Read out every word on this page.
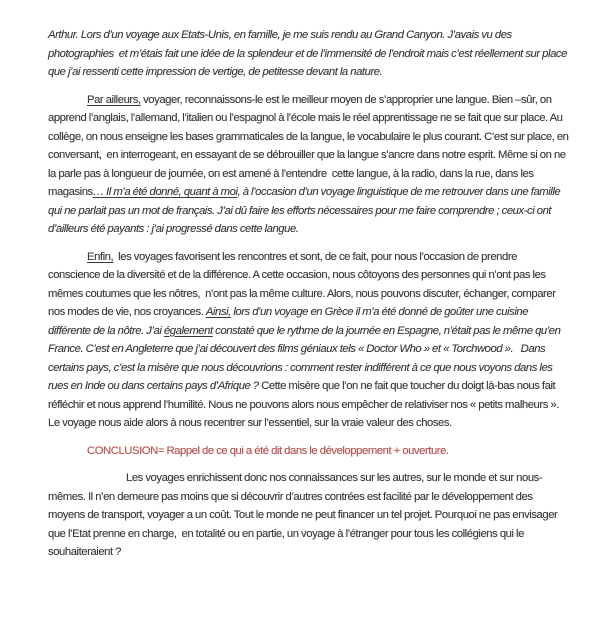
Arthur. Lors d’un voyage aux Etats-Unis, en famille, je me suis rendu au Grand Canyon. J’avais vu des photographies  et m’étais fait une idée de la splendeur et de l’immensité de l’endroit mais c’est réellement sur place que j’ai ressenti cette impression de vertige, de petitesse devant la nature.

Par ailleurs, voyager, reconnaissons-le est le meilleur moyen de s’approprier une langue. Bien –sûr, on apprend l’anglais, l’allemand, l’italien ou l’espagnol à l’école mais le réel apprentissage ne se fait que sur place. Au collège, on nous enseigne les bases grammaticales de la langue, le vocabulaire le plus courant. C’est sur place, en conversant,  en interrogeant, en essayant de se débrouiller que la langue s’ancre dans notre esprit. Même si on ne la parle pas à longueur de journée, on est amené à l’entendre  cette langue, à la radio, dans la rue, dans les magasins… Il m’a été donné, quant à moi, à l’occasion d’un voyage linguistique de me retrouver dans une famille qui ne parlait pas un mot de français. J’ai dû faire les efforts nécessaires pour me faire comprendre ; ceux-ci ont d’ailleurs été payants : j’ai progressé dans cette langue.

Enfin,  les voyages favorisent les rencontres et sont, de ce fait, pour nous l’occasion de prendre conscience de la diversité et de la différence. A cette occasion, nous côtoyons des personnes qui n’ont pas les mêmes coutumes que les nôtres,  n’ont pas la même culture. Alors, nous pouvons discuter, échanger, comparer nos modes de vie, nos croyances. Ainsi, lors d’un voyage en Grèce il m’a été donné de goûter une cuisine différente de la nôtre. J’ai également constaté que le rythme de la journée en Espagne, n’était pas le même qu’en France. C’est en Angleterre que j’ai découvert des films géniaux tels « Doctor Who » et « Torchwood ».   Dans certains pays, c’est la misère que nous découvrions : comment rester indifférent à ce que nous voyons dans les rues en Inde ou dans certains pays d’Afrique ? Cette misère que l’on ne fait que toucher du doigt là-bas nous fait réfléchir et nous apprend l’humilité. Nous ne pouvons alors nous empêcher de relativiser nos « petits malheurs ». Le voyage nous aide alors à nous recentrer sur l’essentiel, sur la vraie valeur des choses.

CONCLUSION= Rappel de ce qui a été dit dans le développement + ouverture.

Les voyages enrichissent donc nos connaissances sur les autres, sur le monde et sur nous-mêmes. Il n’en demeure pas moins que si découvrir d’autres contrées est facilité par le développement des moyens de transport, voyager a un coût. Tout le monde ne peut financer un tel projet. Pourquoi ne pas envisager que l’Etat prenne en charge,  en totalité ou en partie, un voyage à l’étranger pour tous les collégiens qui le souhaiteraient ?
